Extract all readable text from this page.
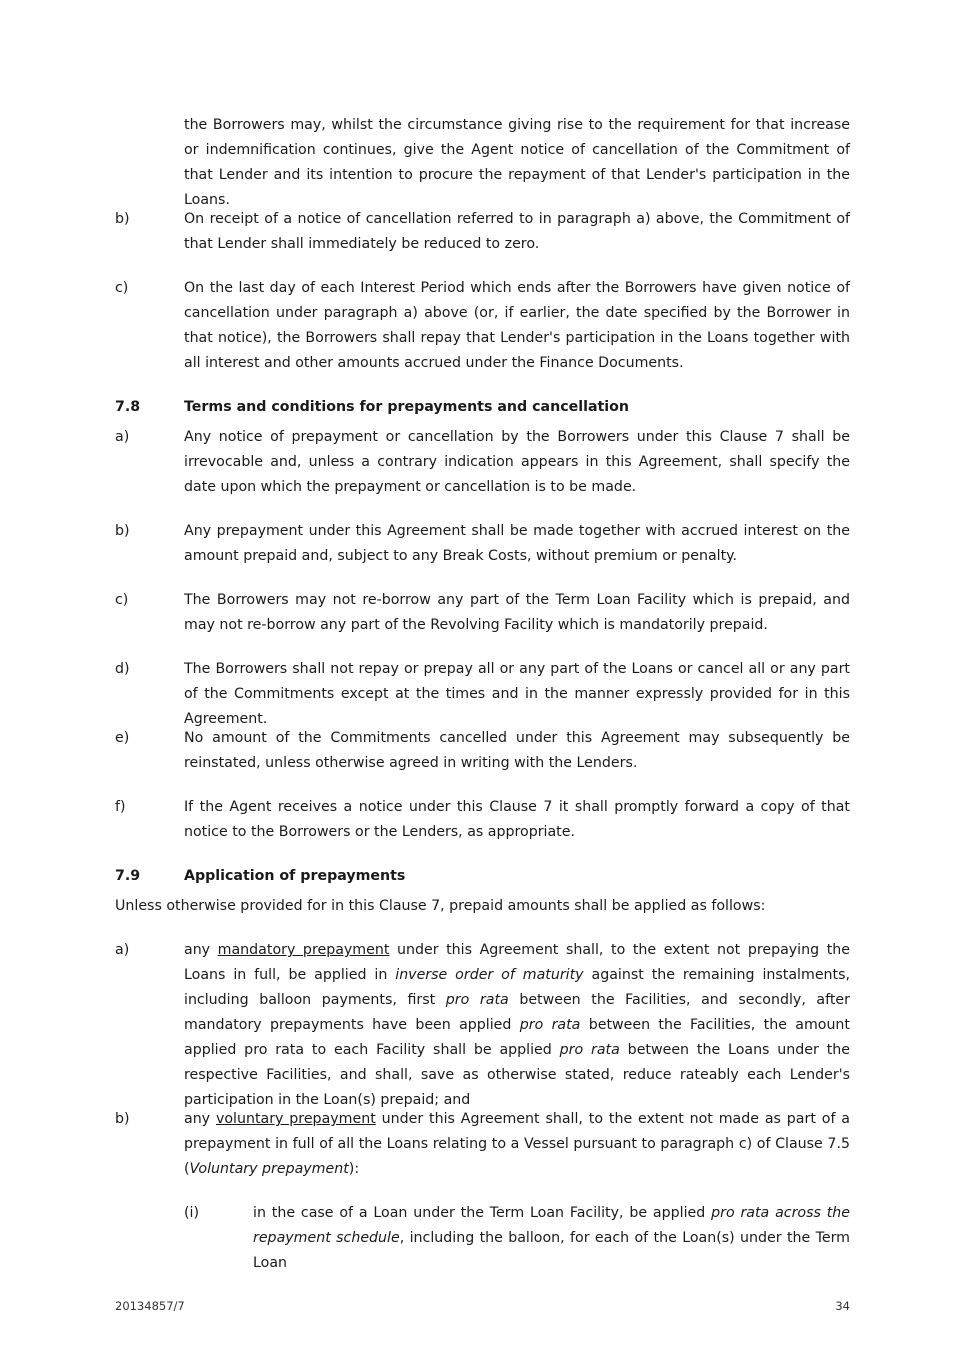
the Borrowers may, whilst the circumstance giving rise to the requirement for that increase or indemnification continues, give the Agent notice of cancellation of the Commitment of that Lender and its intention to procure the repayment of that Lender's participation in the Loans.
b)	On receipt of a notice of cancellation referred to in paragraph a) above, the Commitment of that Lender shall immediately be reduced to zero.
c)	On the last day of each Interest Period which ends after the Borrowers have given notice of cancellation under paragraph a) above (or, if earlier, the date specified by the Borrower in that notice), the Borrowers shall repay that Lender's participation in the Loans together with all interest and other amounts accrued under the Finance Documents.
7.8	Terms and conditions for prepayments and cancellation
a)	Any notice of prepayment or cancellation by the Borrowers under this Clause 7 shall be irrevocable and, unless a contrary indication appears in this Agreement, shall specify the date upon which the prepayment or cancellation is to be made.
b)	Any prepayment under this Agreement shall be made together with accrued interest on the amount prepaid and, subject to any Break Costs, without premium or penalty.
c)	The Borrowers may not re-borrow any part of the Term Loan Facility which is prepaid, and may not re-borrow any part of the Revolving Facility which is mandatorily prepaid.
d)	The Borrowers shall not repay or prepay all or any part of the Loans or cancel all or any part of the Commitments except at the times and in the manner expressly provided for in this Agreement.
e)	No amount of the Commitments cancelled under this Agreement may subsequently be reinstated, unless otherwise agreed in writing with the Lenders.
f)	If the Agent receives a notice under this Clause 7 it shall promptly forward a copy of that notice to the Borrowers or the Lenders, as appropriate.
7.9	Application of prepayments
Unless otherwise provided for in this Clause 7, prepaid amounts shall be applied as follows:
a)	any mandatory prepayment under this Agreement shall, to the extent not prepaying the Loans in full, be applied in inverse order of maturity against the remaining instalments, including balloon payments, first pro rata between the Facilities, and secondly, after mandatory prepayments have been applied pro rata between the Facilities, the amount applied pro rata to each Facility shall be applied pro rata between the Loans under the respective Facilities, and shall, save as otherwise stated, reduce rateably each Lender's participation in the Loan(s) prepaid; and
b)	any voluntary prepayment under this Agreement shall, to the extent not made as part of a prepayment in full of all the Loans relating to a Vessel pursuant to paragraph c) of Clause 7.5 (Voluntary prepayment):
(i)	in the case of a Loan under the Term Loan Facility, be applied pro rata across the repayment schedule, including the balloon, for each of the Loan(s) under the Term Loan
20134857/7	34
